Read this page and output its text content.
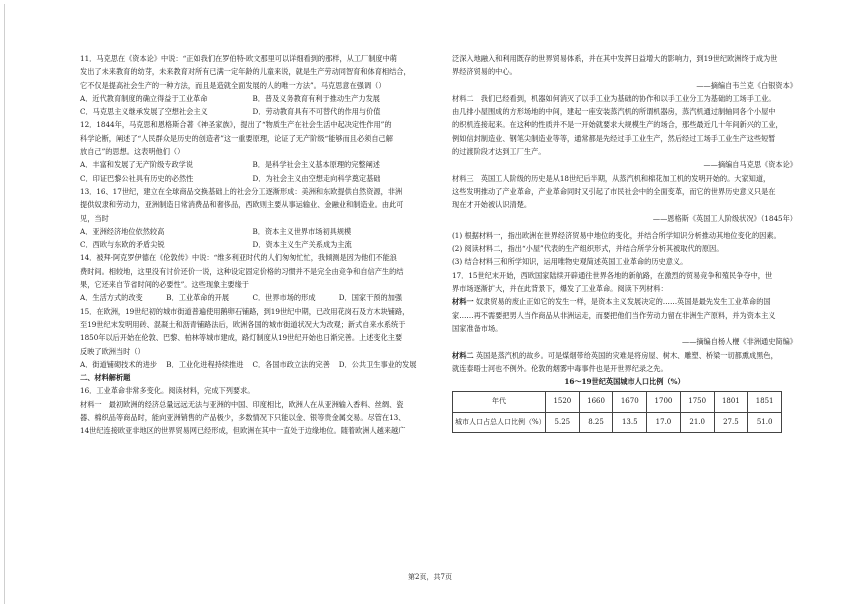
11．马克思在《资本论》中说：“正如我们在罗伯特·欧文那里可以详细看到的那样，从工厂制度中萌

发出了未来教育的幼芽，未来教育对所有已满一定年龄的儿童来说，就是生产劳动同智育和体育相结合，

它不仅是提高社会生产的一种方法，而且是造就全面发展的人的唯一方法”。马克思意在强调（）

A．近代教育制度的确立得益于工业革命	B．普及义务教育有利于推动生产力发展
C．马克思主义继承发展了空想社会主义	D．劳动教育具有不可替代的作用与价值

12．1844年，马克思和恩格斯合著《神圣家族》，提出了“物质生产在社会生活中起决定性作用”的

科学论断，阐述了“人民群众是历史的创造者”这一重要原理，论证了无产阶级“能够而且必须自己解

放自己”的思想。这表明他们（）

A．丰富和发展了无产阶级专政学说	B．是科学社会主义基本原理的完整阐述
C．印证巴黎公社具有历史的必然性	D．为社会主义由空想走向科学奠定基础

13．16、17世纪，建立在全球商品交换基础上的社会分工逐渐形成：美洲和东欧提供自然资源，非洲

提供奴隶和劳动力，亚洲制造日常消费品和奢侈品，西欧则主要从事运输业、金融业和制造业。由此可

见，当时

A．亚洲经济地位依然较高	B．资本主义世界市场初具规模
C．西欧与东欧的矛盾尖锐	D．资本主义生产关系成为主流

14．被拜·阿克罗伊德在《伦敦传》中说：“维多利亚时代的人们匆匆忙忙，我倾测是因为他们不能浪

费时间。相较地，这里没有讨价还价一说，这种设定固定价格的习惯并不是完全由竞争和自信产生的结

果，它还来自节省时间的必要性”。这些现象主要缘于

A．生活方式的改变	B．工业革命的开展	C．世界市场的形成	D．国家干预的加强

15．在欧洲，19世纪初的城市街道普遍使用鹅卵石铺路，到19世纪中期，已改用花岗石及方木块铺路，

至19世纪末发明用砖、混凝土和沥青铺路法后，欧洲各国的城市街道状况大为改观；新式自来水系统于

1850年以后开始在伦敦、巴黎、柏林等城市建成，路灯制度从19世纪开始也日渐完善。上述变化主要

反映了欧洲当时（）

A．街道铺砌技术的进步	B．工业化进程持续推进	C．各国市政立法的完善	D．公共卫生事业的发展

二、材料解析题

16．工业革命非常多变化。阅读材料，完成下列要求。

材料一　最初欧洲的经济总量远远无法与亚洲的中国、印度相比，欧洲人在从亚洲输入香料、丝绸、瓷

器、棉织品等商品时，能向亚洲销售的产品极少，多数情况下只能以金、银等贵金属交易。尽管在13、

14世纪连接欧亚非地区的世界贸易网已经形成，但欧洲在其中一直处于边缘地位。随着欧洲人越来越广

泛深入地融入和利用既存的世界贸易体系，并在其中发挥日益增大的影响力，到19世纪欧洲终于成为世

界经济贸易的中心。

——摘编自韦兰克《白银资本》

材料二　我们已经看到，机器如何消灭了以手工业为基础的协作和以手工业分工为基础的工场手工业。

由几排小屋围成的方形场地的中间，建起一座安装蒸汽机的所谓机器房，蒸汽机通过制轴同各个小屋中

的织机连接起来。在这种的性质并不是一开始就要求大规模生产的场合，那些最近几十年间新兴的工业，

例如信封制造业、钢笔尖制造业等等，通常都是先经过手工业生产，然后经过工场手工业生产这些短暂

的过渡阶段才达到工厂生产。

——摘编自马克思《资本论》

材料三　英国工人阶级的历史是从18世纪后半期，从蒸汽机和棉花加工机的发明开始的。大家知道，

这些发明推动了产业革命，产业革命同时又引起了市民社会中的全面变革，而它的世界历史意义只是在

现在才开始被认识清楚。

——恩格斯《英国工人阶级状况》（1845年）

(1) 根据材料一，指出欧洲在世界经济贸易中地位的变化，并结合所学知识分析推动其地位变化的因素。

(2) 阅读材料二，指出“小屋”代表的生产组织形式，并结合所学分析其被取代的原因。

(3) 结合材料三和所学知识，运用唯物史观简述英国工业革命的历史意义。

17．15世纪末开始，西欧国家陆续开辟通往世界各地的新航路，在激烈的贸易竞争和殖民争夺中，世

界市场逐渐扩大，并在此背景下，爆发了工业革命。阅读下列材料：

材料一 奴隶贸易的废止正如它的发生一样，是资本主义发展决定的……英国是最先发生工业革命的国

家……再不需要把男人当作商品从非洲运走，而要把他们当作劳动力留在非洲生产原料，并为资本主义

国家准备市场。

——摘编自杨人楩《非洲通史简编》

材料二 英国是蒸汽机的故乡。可是煤烟带给英国的灾难是将房屋、树木、雕塑、桥梁一切都熏成黑色，

就连泰晤士河也不例外。伦敦的烟雾中毒事件也是开世界纪录之先。

16～19世纪英国城市人口比例（%）

年代	1520	1660	1670	1700	1750	1801	1851
城市人口占总人口比例（%）	5.25	8.25	13.5	17.0	21.0	27.5	51.0
第2页，共7页
